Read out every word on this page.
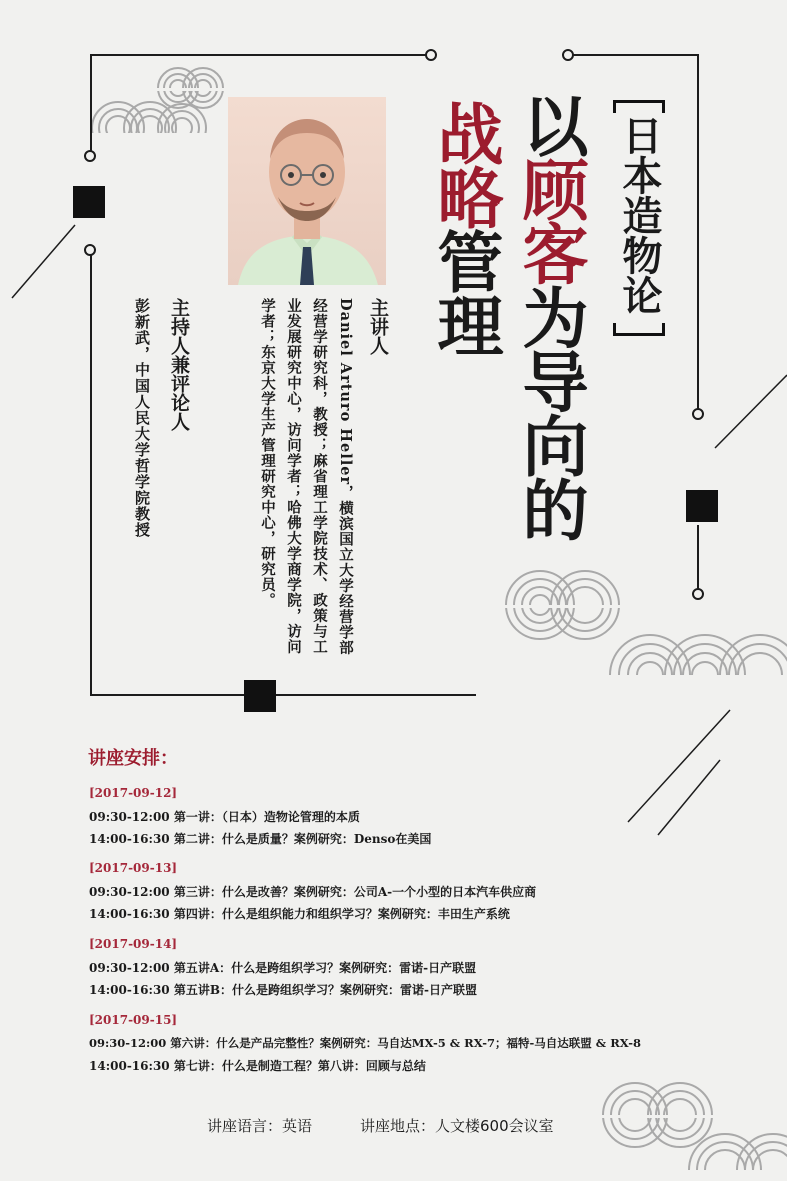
日本造物论
以顾客为导向的
战略管理
主讲人
Daniel Arturo Heller，横滨国立大学经营学部经营学研究科，教授；麻省理工学院技术、政策与工业发展研究中心，访问学者；哈佛大学商学院，访问学者；东京大学生产管理研究中心，研究员。
主持人兼评论人
彭新武，中国人民大学哲学院教授
讲座安排：
[2017-09-12]
09:30-12:00 第一讲：（日本）造物论管理的本质
14:00-16:30 第二讲：什么是质量？案例研究：Denso在美国
[2017-09-13]
09:30-12:00 第三讲：什么是改善？案例研究：公司A-一个小型的日本汽车供应商
14:00-16:30 第四讲：什么是组织能力和组织学习？案例研究：丰田生产系统
[2017-09-14]
09:30-12:00 第五讲A：什么是跨组织学习？案例研究：雷诺-日产联盟
14:00-16:30 第五讲B：什么是跨组织学习？案例研究：雷诺-日产联盟
[2017-09-15]
09:30-12:00 第六讲：什么是产品完整性？案例研究：马自达MX-5 & RX-7；福特-马自达联盟 & RX-8
14:00-16:30 第七讲：什么是制造工程？第八讲：回顾与总结
讲座语言：英语	讲座地点：人文楼600会议室
